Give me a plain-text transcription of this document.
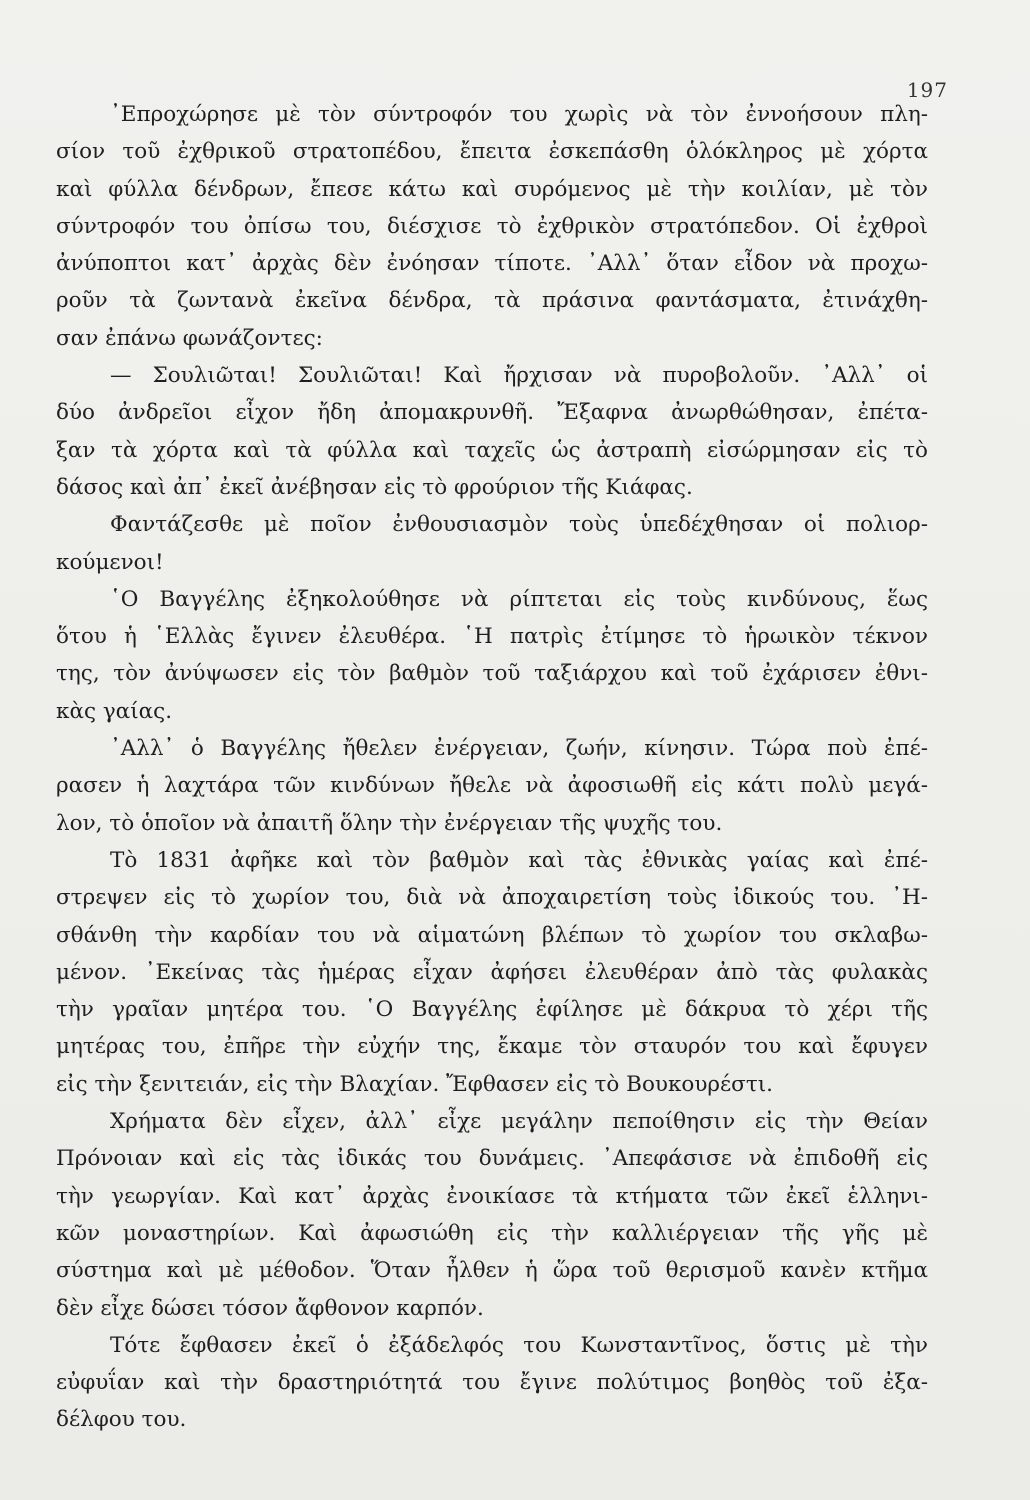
197
᾿Επροχώρησε μὲ τὸν σύντροφόν του χωρὶς νὰ τὸν ἐννοήσουν πλη-
σίον τοῦ ἐχθρικοῦ στρατοπέδου, ἔπειτα ἐσκεπάσθη ὁλόκληρος μὲ χόρτα
καὶ φύλλα δένδρων, ἔπεσε κάτω καὶ συρόμενος μὲ τὴν κοιλίαν, μὲ τὸν
σύντροφόν του ὀπίσω του, διέσχισε τὸ ἐχθρικὸν στρατόπεδον. Οἱ ἐχθροὶ
ἀνύποπτοι κατ᾿ ἀρχὰς δὲν ἐνόησαν τίποτε. ᾿Αλλ᾿ ὅταν εἶδον νὰ προχω-
ροῦν τὰ ζωντανὰ ἐκεῖνα δένδρα, τὰ πράσινα φαντάσματα, ἐτινάχθη-
σαν ἐπάνω φωνάζοντες:
— Σουλιῶται! Σουλιῶται! Καὶ ἤρχισαν νὰ πυροβολοῦν. ᾿Αλλ᾿ οἱ
δύο ἀνδρεῖοι εἶχον ἤδη ἀπομακρυνθῆ. Ἔξαφνα ἀνωρθώθησαν, ἐπέτα-
ξαν τὰ χόρτα καὶ τὰ φύλλα καὶ ταχεῖς ὡς ἀστραπὴ εἰσώρμησαν εἰς τὸ
δάσος καὶ ἀπ᾿ ἐκεῖ ἀνέβησαν εἰς τὸ φρούριον τῆς Κιάφας.
Φαντάζεσθε μὲ ποῖον ἐνθουσιασμὸν τοὺς ὑπεδέχθησαν οἱ πολιορ-
κούμενοι!
῾Ο Βαγγέλης ἐξηκολούθησε νὰ ρίπτεται εἰς τοὺς κινδύνους, ἕως
ὅτου ἡ ῾Ελλὰς ἔγινεν ἐλευθέρα. ῾Η πατρὶς ἐτίμησε τὸ ἡρωικὸν τέκνον
της, τὸν ἀνύψωσεν εἰς τὸν βαθμὸν τοῦ ταξιάρχου καὶ τοῦ ἐχάρισεν ἐθνι-
κὰς γαίας.
᾿Αλλ᾿ ὁ Βαγγέλης ἤθελεν ἐνέργειαν, ζωήν, κίνησιν. Τώρα ποὺ ἐπέ-
ρασεν ἡ λαχτάρα τῶν κινδύνων ἤθελε νὰ ἀφοσιωθῆ εἰς κάτι πολὺ μεγά-
λον, τὸ ὁποῖον νὰ ἀπαιτῆ ὅλην τὴν ἐνέργειαν τῆς ψυχῆς του.
Τὸ 1831 ἀφῆκε καὶ τὸν βαθμὸν καὶ τὰς ἐθνικὰς γαίας καὶ ἐπέ-
στρεψεν εἰς τὸ χωρίον του, διὰ νὰ ἀποχαιρετίση τοὺς ἰδικούς του. ᾿Η-
σθάνθη τὴν καρδίαν του νὰ αἱματώνη βλέπων τὸ χωρίον του σκλαβω-
μένον. ᾿Εκείνας τὰς ἡμέρας εἶχαν ἀφήσει ἐλευθέραν ἀπὸ τὰς φυλακὰς
τὴν γραῖαν μητέρα του. ῾Ο Βαγγέλης ἐφίλησε μὲ δάκρυα τὸ χέρι τῆς
μητέρας του, ἐπῆρε τὴν εὐχήν της, ἔκαμε τὸν σταυρόν του καὶ ἔφυγεν
εἰς τὴν ξενιτειάν, εἰς τὴν Βλαχίαν. Ἔφθασεν εἰς τὸ Βουκουρέστι.
Χρήματα δὲν εἶχεν, ἀλλ᾿ εἶχε μεγάλην πεποίθησιν εἰς τὴν Θείαν
Πρόνοιαν καὶ εἰς τὰς ἰδικάς του δυνάμεις. ᾿Απεφάσισε νὰ ἐπιδοθῆ εἰς
τὴν γεωργίαν. Καὶ κατ᾿ ἀρχὰς ἐνοικίασε τὰ κτήματα τῶν ἐκεῖ ἑλληνι-
κῶν μοναστηρίων. Καὶ ἀφωσιώθη εἰς τὴν καλλιέργειαν τῆς γῆς μὲ
σύστημα καὶ μὲ μέθοδον. Ὅταν ἦλθεν ἡ ὥρα τοῦ θερισμοῦ κανὲν κτῆμα
δὲν εἶχε δώσει τόσον ἄφθονον καρπόν.
Τότε ἔφθασεν ἐκεῖ ὁ ἐξάδελφός του Κωνσταντῖνος, ὅστις μὲ τὴν
εὐφυΐαν καὶ τὴν δραστηριότητά του ἔγινε πολύτιμος βοηθὸς τοῦ ἐξα-
δέλφου του.
